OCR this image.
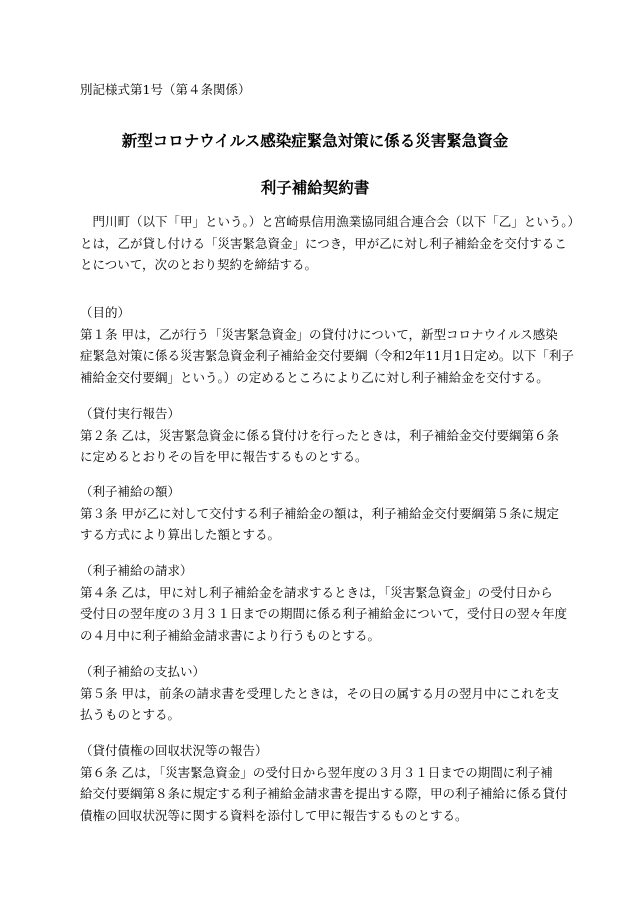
別記様式第1号（第４条関係）
新型コロナウイルス感染症緊急対策に係る災害緊急資金
利子補給契約書
　門川町（以下「甲」という。）と宮崎県信用漁業協同組合連合会（以下「乙」という。）
とは，乙が貸し付ける「災害緊急資金」につき，甲が乙に対し利子補給金を交付するこ
とについて，次のとおり契約を締結する。
（目的）
第１条 甲は，乙が行う「災害緊急資金」の貸付けについて，新型コロナウイルス感染
症緊急対策に係る災害緊急資金利子補給金交付要綱（令和2年11月1日定め。以下「利子
補給金交付要綱」という。）の定めるところにより乙に対し利子補給金を交付する。
（貸付実行報告）
第２条 乙は，災害緊急資金に係る貸付けを行ったときは，利子補給金交付要綱第６条
に定めるとおりその旨を甲に報告するものとする。
（利子補給の額）
第３条 甲が乙に対して交付する利子補給金の額は，利子補給金交付要綱第５条に規定
する方式により算出した額とする。
（利子補給の請求）
第４条 乙は，甲に対し利子補給金を請求するときは，「災害緊急資金」の受付日から
受付日の翌年度の３月３１日までの期間に係る利子補給金について，受付日の翌々年度
の４月中に利子補給金請求書により行うものとする。
（利子補給の支払い）
第５条 甲は，前条の請求書を受理したときは，その日の属する月の翌月中にこれを支
払うものとする。
（貸付債権の回収状況等の報告）
第６条 乙は，「災害緊急資金」の受付日から翌年度の３月３１日までの期間に利子補
給交付要綱第８条に規定する利子補給金請求書を提出する際，甲の利子補給に係る貸付
債権の回収状況等に関する資料を添付して甲に報告するものとする。
